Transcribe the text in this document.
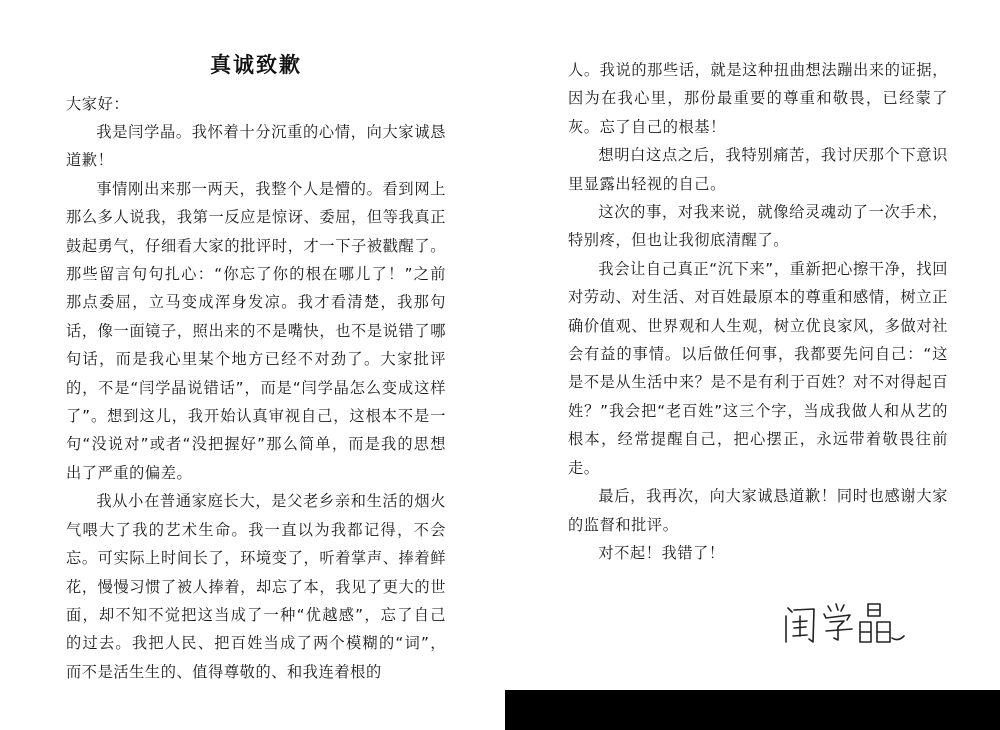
真诚致歉

大家好：

我是闫学晶。我怀着十分沉重的心情，向大家诚恳道歉！

事情刚出来那一两天，我整个人是懵的。看到网上那么多人说我，我第一反应是惊讶、委屈，但等我真正鼓起勇气，仔细看大家的批评时，才一下子被戳醒了。那些留言句句扎心：“你忘了你的根在哪儿了！”之前那点委屈，立马变成浑身发凉。我才看清楚，我那句话，像一面镜子，照出来的不是嘴快，也不是说错了哪句话，而是我心里某个地方已经不对劲了。大家批评的，不是“闫学晶说错话”，而是“闫学晶怎么变成这样了”。想到这儿，我开始认真审视自己，这根本不是一句“没说对”或者“没把握好”那么简单，而是我的思想出了严重的偏差。

我从小在普通家庭长大，是父老乡亲和生活的烟火气喂大了我的艺术生命。我一直以为我都记得，不会忘。可实际上时间长了，环境变了，听着掌声、捧着鲜花，慢慢习惯了被人捧着，却忘了本，我见了更大的世面，却不知不觉把这当成了一种“优越感”，忘了自己的过去。我把人民、把百姓当成了两个模糊的“词”，而不是活生生的、值得尊敬的、和我连着根的

人。我说的那些话，就是这种扭曲想法蹦出来的证据，因为在我心里，那份最重要的尊重和敬畏，已经蒙了灰。忘了自己的根基！

想明白这点之后，我特别痛苦，我讨厌那个下意识里显露出轻视的自己。

这次的事，对我来说，就像给灵魂动了一次手术，特别疼，但也让我彻底清醒了。

我会让自己真正“沉下来”，重新把心擦干净，找回对劳动、对生活、对百姓最原本的尊重和感情，树立正确价值观、世界观和人生观，树立优良家风，多做对社会有益的事情。以后做任何事，我都要先问自己：“这是不是从生活中来？是不是有利于百姓？对不对得起百姓？”我会把“老百姓”这三个字，当成我做人和从艺的根本，经常提醒自己，把心摆正，永远带着敬畏往前走。

最后，我再次，向大家诚恳道歉！同时也感谢大家的监督和批评。

对不起！我错了！
